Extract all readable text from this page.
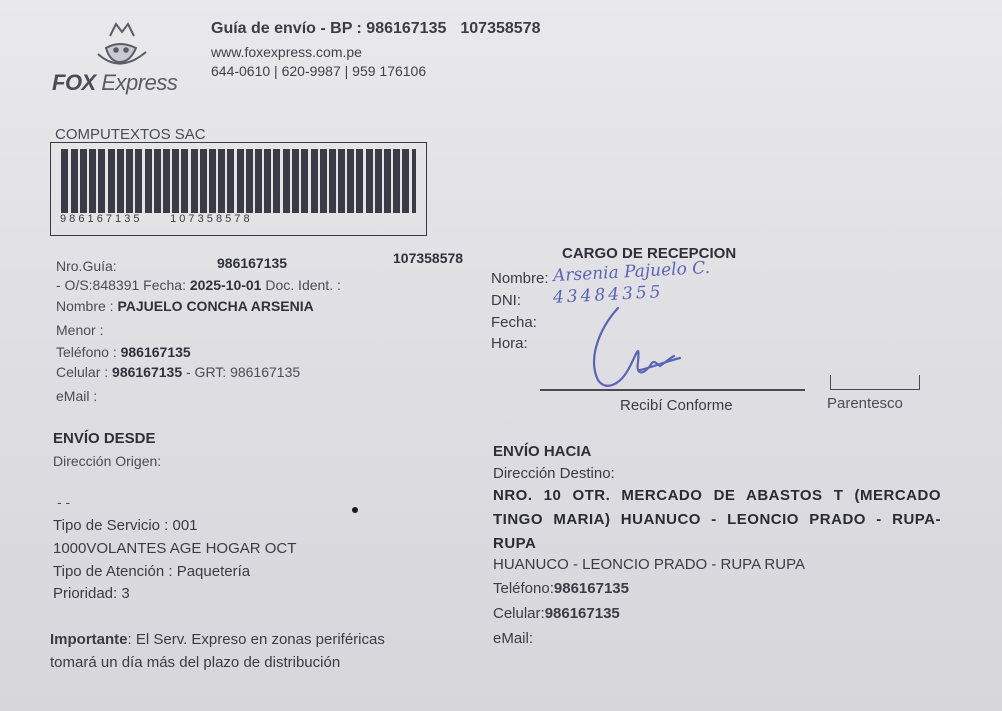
FOX Express
Guía de envío - BP : 986167135 107358578
www.foxexpress.com.pe
644-0610 | 620-9987 | 959 176106
COMPUTEXTOS SAC
9 8 6 1 6 7 1 3 5          1 0 7 3 5 8 5 7 8
Nro.Guía:	986167135	107358578
- O/S:848391 Fecha: 2025-10-01 Doc. Ident. :
Nombre : PAJUELO CONCHA ARSENIA
Menor :
Teléfono : 986167135
Celular : 986167135 - GRT: 986167135
eMail :
ENVÍO DESDE
Dirección Origen:
- -
Tipo de Servicio : 001
1000VOLANTES AGE HOGAR OCT
Tipo de Atención : Paquetería
Prioridad: 3
Importante: El Serv. Expreso en zonas periféricas
tomará un día más del plazo de distribución
CARGO DE RECEPCION
Nombre: Arsenia Pajuelo C.
DNI: 43484355
Fecha:
Hora:
Recibí Conforme	Parentesco
ENVÍO HACIA
Dirección Destino:
NRO. 10 OTR. MERCADO DE ABASTOS T (MERCADO TINGO MARIA) HUANUCO - LEONCIO PRADO - RUPA-RUPA
HUANUCO - LEONCIO PRADO - RUPA RUPA
Teléfono:986167135
Celular:986167135
eMail:
